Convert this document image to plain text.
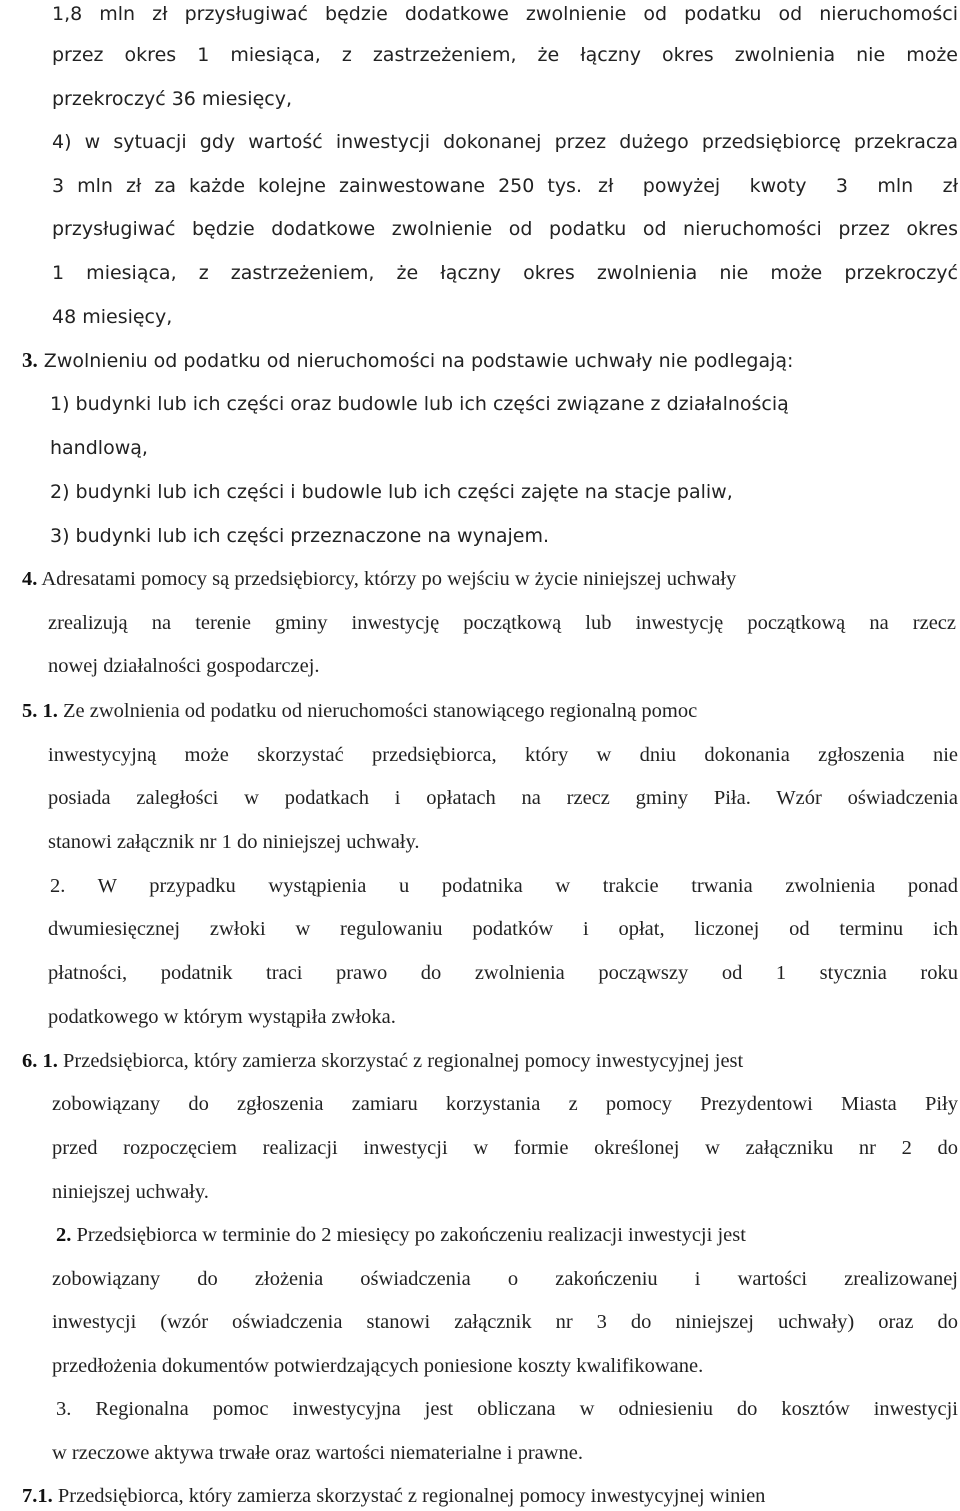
1,8 mln zł przysługiwać będzie dodatkowe zwolnienie od podatku od nieruchomości
przez okres 1 miesiąca, z zastrzeżeniem, że łączny okres zwolnienia nie może
przekroczyć 36 miesięcy,
4) w sytuacji gdy wartość inwestycji dokonanej przez dużego przedsiębiorcę przekracza
3 mln zł za każde kolejne zainwestowane 250 tys. zł powyżej kwoty 3 mln zł
przysługiwać będzie dodatkowe zwolnienie od podatku od nieruchomości przez okres
1 miesiąca, z zastrzeżeniem, że łączny okres zwolnienia nie może przekroczyć
48 miesięcy,
3. Zwolnieniu od podatku od nieruchomości na podstawie uchwały nie podlegają:
1) budynki lub ich części oraz budowle lub ich części związane z działalnością
handlową,
2) budynki lub ich części i budowle lub ich części zajęte na stacje paliw,
3) budynki lub ich części przeznaczone na wynajem.
4. Adresatami pomocy są przedsiębiorcy, którzy po wejściu w życie niniejszej uchwały
zrealizują na terenie gminy inwestycję początkową lub inwestycję początkową na rzecz
nowej działalności gospodarczej.
5. 1. Ze zwolnienia od podatku od nieruchomości stanowiącego regionalną pomoc
inwestycyjną może skorzystać przedsiębiorca, który w dniu dokonania zgłoszenia nie
posiada zaległości w podatkach i opłatach na rzecz gminy Piła. Wzór oświadczenia
stanowi załącznik nr 1 do niniejszej uchwały.
2. W przypadku wystąpienia u podatnika w trakcie trwania zwolnienia ponad
dwumiesięcznej zwłoki w regulowaniu podatków i opłat, liczonej od terminu ich
płatności, podatnik traci prawo do zwolnienia począwszy od 1 stycznia roku
podatkowego w którym wystąpiła zwłoka.
6. 1. Przedsiębiorca, który zamierza skorzystać z regionalnej pomocy inwestycyjnej jest
zobowiązany do zgłoszenia zamiaru korzystania z pomocy Prezydentowi Miasta Piły
przed rozpoczęciem realizacji inwestycji w formie określonej w załączniku nr 2 do
niniejszej uchwały.
2. Przedsiębiorca w terminie do 2 miesięcy po zakończeniu realizacji inwestycji jest
zobowiązany do złożenia oświadczenia o zakończeniu i wartości zrealizowanej
inwestycji (wzór oświadczenia stanowi załącznik nr 3 do niniejszej uchwały) oraz do
przedłożenia dokumentów potwierdzających poniesione koszty kwalifikowane.
3. Regionalna pomoc inwestycyjna jest obliczana w odniesieniu do kosztów inwestycji
w rzeczowe aktywa trwałe oraz wartości niematerialne i prawne.
7.1. Przedsiębiorca, który zamierza skorzystać z regionalnej pomocy inwestycyjnej winien
